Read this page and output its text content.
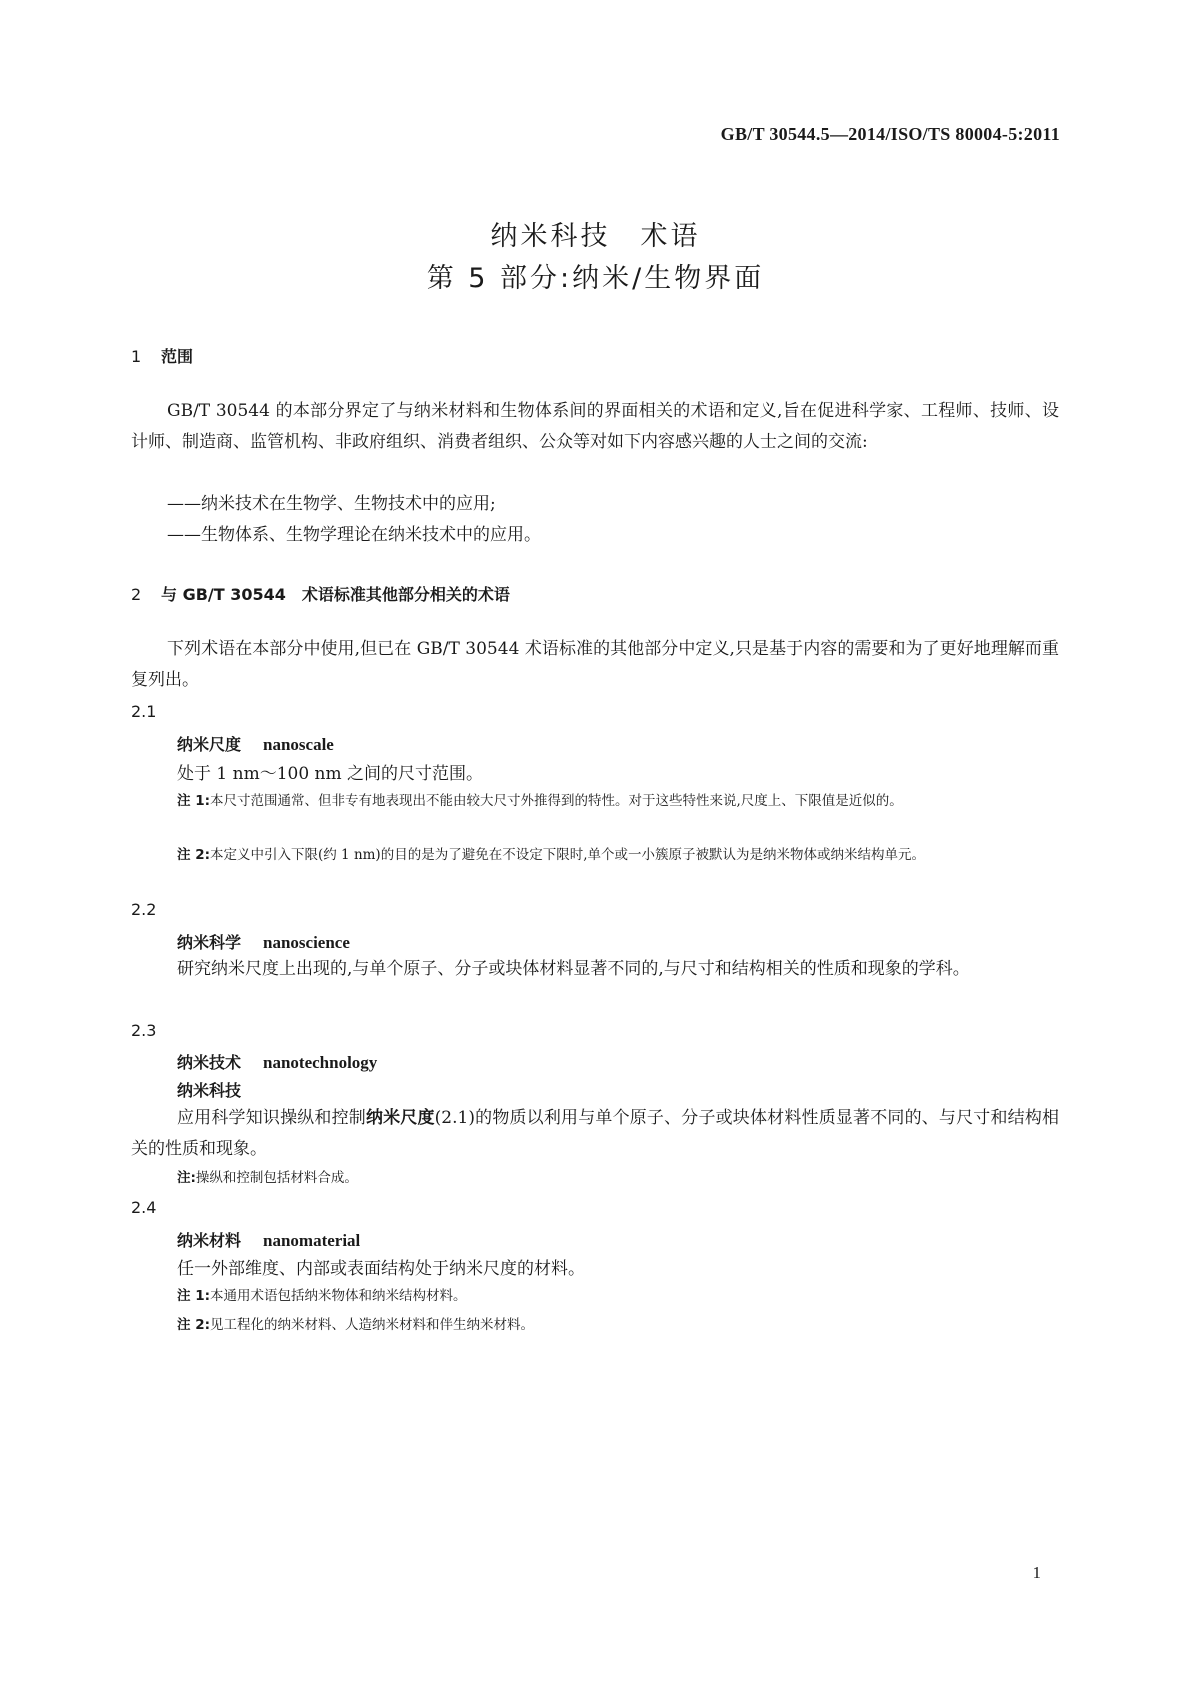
GB/T 30544.5—2014/ISO/TS 80004-5:2011
纳米科技　术语
第 5 部分:纳米/生物界面
1 范围
GB/T 30544 的本部分界定了与纳米材料和生物体系间的界面相关的术语和定义,旨在促进科学家、工程师、技师、设计师、制造商、监管机构、非政府组织、消费者组织、公众等对如下内容感兴趣的人士之间的交流:
——纳米技术在生物学、生物技术中的应用;
——生物体系、生物学理论在纳米技术中的应用。
2 与 GB/T 30544　术语标准其他部分相关的术语
下列术语在本部分中使用,但已在 GB/T 30544 术语标准的其他部分中定义,只是基于内容的需要和为了更好地理解而重复列出。
2.1
纳米尺度 nanoscale
处于 1 nm～100 nm 之间的尺寸范围。
注 1:本尺寸范围通常、但非专有地表现出不能由较大尺寸外推得到的特性。对于这些特性来说,尺度上、下限值是近似的。
注 2:本定义中引入下限(约 1 nm)的目的是为了避免在不设定下限时,单个或一小簇原子被默认为是纳米物体或纳米结构单元。
2.2
纳米科学 nanoscience
研究纳米尺度上出现的,与单个原子、分子或块体材料显著不同的,与尺寸和结构相关的性质和现象的学科。
2.3
纳米技术 nanotechnology
纳米科技
应用科学知识操纵和控制纳米尺度(2.1)的物质以利用与单个原子、分子或块体材料性质显著不同的、与尺寸和结构相关的性质和现象。
注:操纵和控制包括材料合成。
2.4
纳米材料 nanomaterial
任一外部维度、内部或表面结构处于纳米尺度的材料。
注 1:本通用术语包括纳米物体和纳米结构材料。
注 2:见工程化的纳米材料、人造纳米材料和伴生纳米材料。
1
